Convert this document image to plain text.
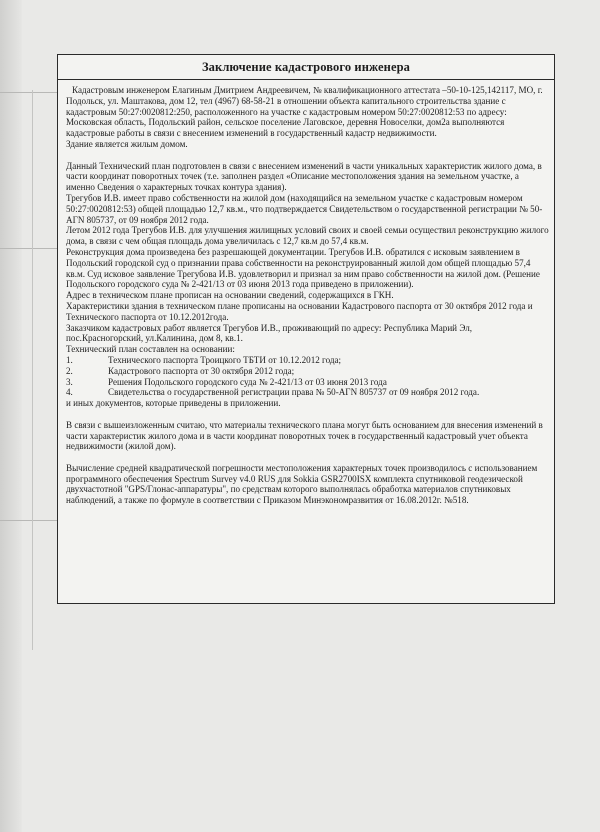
Заключение кадастрового инженера

Кадастровым инженером Елагиным Дмитрием Андреевичем, № квалификационного аттестата –50-10-125,142117, МО, г. Подольск, ул. Маштакова, дом 12, тел (4967) 68-58-21 в отношении объекта капитального строительства здание с кадастровым 50:27:0020812:250, расположенного на участке с кадастровым номером 50:27:0020812:53 по адресу: Московская область, Подольский район, сельское поселение Лаговское, деревня Новоселки, дом2а выполняются кадастровые работы в связи с внесением изменений в государственный кадастр недвижимости.

Здание является жилым домом.

Данный Технический план подготовлен в связи с внесением изменений в части уникальных характеристик жилого дома, в части координат поворотных точек (т.е. заполнен раздел «Описание местоположения здания на земельном участке, а именно Сведения о характерных точках контура здания).

Трегубов И.В. имеет право собственности на жилой дом (находящийся на земельном участке с кадастровым номером 50:27:0020812:53) общей площадью 12,7 кв.м., что подтверждается Свидетельством о государственной регистрации № 50-АГN 805737, от 09 ноября 2012 года.

Летом 2012 года Трегубов И.В. для улучшения жилищных условий своих и своей семьи осуществил реконструкцию жилого дома, в связи с чем общая площадь дома увеличилась с 12,7 кв.м до 57,4 кв.м.

Реконструкция дома произведена без разрешающей документации. Трегубов И.В. обратился с исковым заявлением в Подольский городской суд о признании права собственности на реконструированный жилой дом общей площадью 57,4 кв.м. Суд исковое заявление Трегубова И.В. удовлетворил и признал за ним право собственности на жилой дом. (Решение Подольского городского суда № 2-421/13 от 03 июня 2013 года приведено в приложении).

Адрес в техническом плане прописан на основании сведений, содержащихся в ГКН.

Характеристики здания в техническом плане прописаны на основании Кадастрового паспорта от 30 октября 2012 года и Технического паспорта от 10.12.2012года.

Заказчиком кадастровых работ является Трегубов И.В., проживающий по адресу: Республика Марий Эл, пос.Красногорский, ул.Калинина, дом 8, кв.1.

Технический план составлен на основании:

1.	Технического паспорта Троицкого ТБТИ от 10.12.2012 года;
2.	Кадастрового паспорта от 30 октября 2012 года;
3.	Решения Подольского городского суда № 2-421/13 от 03 июня 2013 года
4.	Свидетельства о государственной регистрации права № 50-АГN 805737 от 09 ноября 2012 года.

и иных документов, которые приведены в приложении.

В связи с вышеизложенным считаю, что материалы технического плана могут быть основанием для внесения изменений в части характеристик жилого дома и в части координат поворотных точек в государственный кадастровый учет объекта недвижимости (жилой дом).

Вычисление средней квадратической погрешности местоположения характерных точек производилось с использованием программного обеспечения Spectrum Survey v4.0 RUS для Sokkia GSR2700ISX комплекта спутниковой геодезической двухчастотной "GPS/Глонас-аппаратуры", по средствам которого выполнялась обработка материалов спутниковых наблюдений, а также по формуле в соответствии с Приказом Минэкономразвития от 16.08.2012г. №518.
